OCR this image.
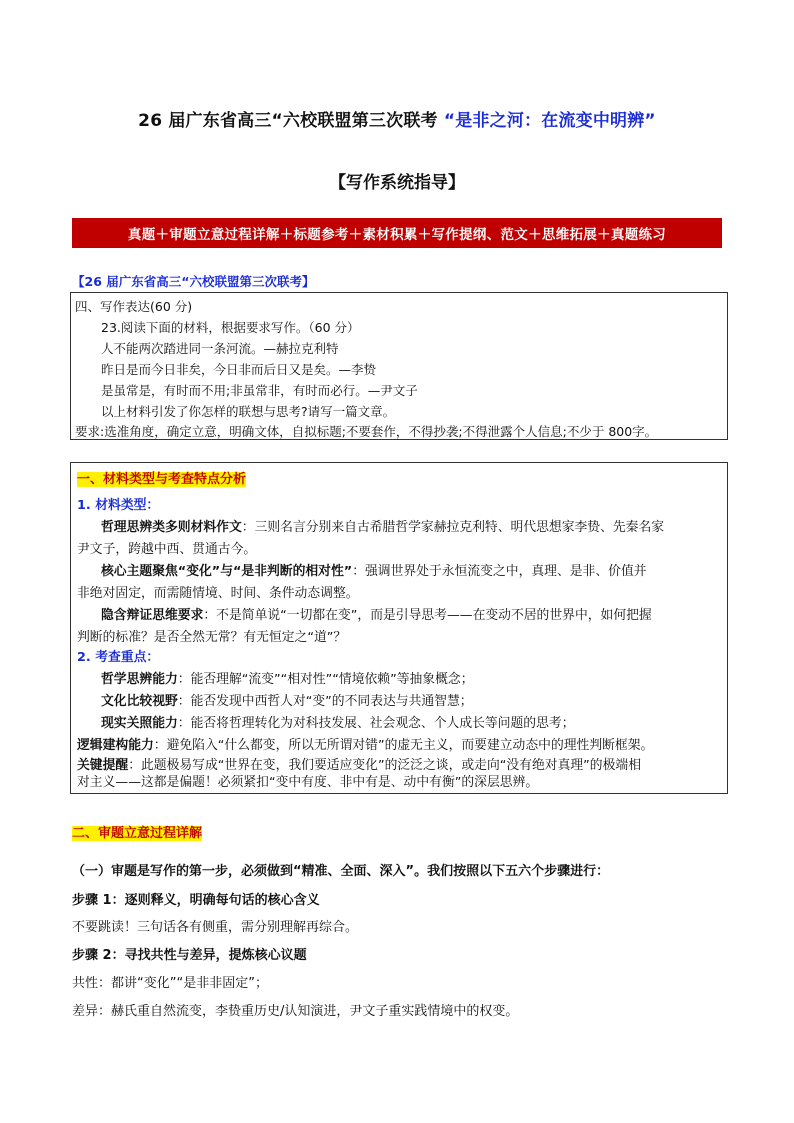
26 届广东省高三“六校联盟第三次联考 “是非之河：在流变中明辨”
【写作系统指导】
真题＋审题立意过程详解＋标题参考＋素材积累＋写作提纲、范文＋思维拓展＋真题练习
【26 届广东省高三“六校联盟第三次联考】
四、写作表达(60 分)
23.阅读下面的材料，根据要求写作。（60 分）
人不能两次踏进同一条河流。—赫拉克利特
昨日是而今日非矣，今日非而后日又是矣。—李贽
是虽常是，有时而不用;非虽常非，有时而必行。—尹文子
以上材料引发了你怎样的联想与思考?请写一篇文章。
要求:选准角度，确定立意，明确文体，自拟标题;不要套作，不得抄袭;不得泄露个人信息;不少于 800字。
一、材料类型与考查特点分析
1. 材料类型：
哲理思辨类多则材料作文：三则名言分别来自古希腊哲学家赫拉克利特、明代思想家李贽、先秦名家
尹文子，跨越中西、贯通古今。
核心主题聚焦“变化”与“是非判断的相对性”：强调世界处于永恒流变之中，真理、是非、价值并
非绝对固定，而需随情境、时间、条件动态调整。
隐含辩证思维要求：不是简单说“一切都在变”，而是引导思考——在变动不居的世界中，如何把握
判断的标准？是否全然无常？有无恒定之“道”？
2. 考查重点：
哲学思辨能力：能否理解“流变”“相对性”“情境依赖”等抽象概念；
文化比较视野：能否发现中西哲人对“变”的不同表达与共通智慧；
现实关照能力：能否将哲理转化为对科技发展、社会观念、个人成长等问题的思考；
逻辑建构能力：避免陷入“什么都变，所以无所谓对错”的虚无主义，而要建立动态中的理性判断框架。
关键提醒：此题极易写成“世界在变，我们要适应变化”的泛泛之谈，或走向“没有绝对真理”的极端相
对主义——这都是偏题！必须紧扣“变中有度、非中有是、动中有衡”的深层思辨。
二、审题立意过程详解
（一）审题是写作的第一步，必须做到“精准、全面、深入”。我们按照以下五六个步骤进行：
步骤 1：逐则释义，明确每句话的核心含义
不要跳读！三句话各有侧重，需分别理解再综合。
步骤 2：寻找共性与差异，提炼核心议题
共性：都讲“变化”“是非非固定”；
差异：赫氏重自然流变，李贽重历史/认知演进，尹文子重实践情境中的权变。
